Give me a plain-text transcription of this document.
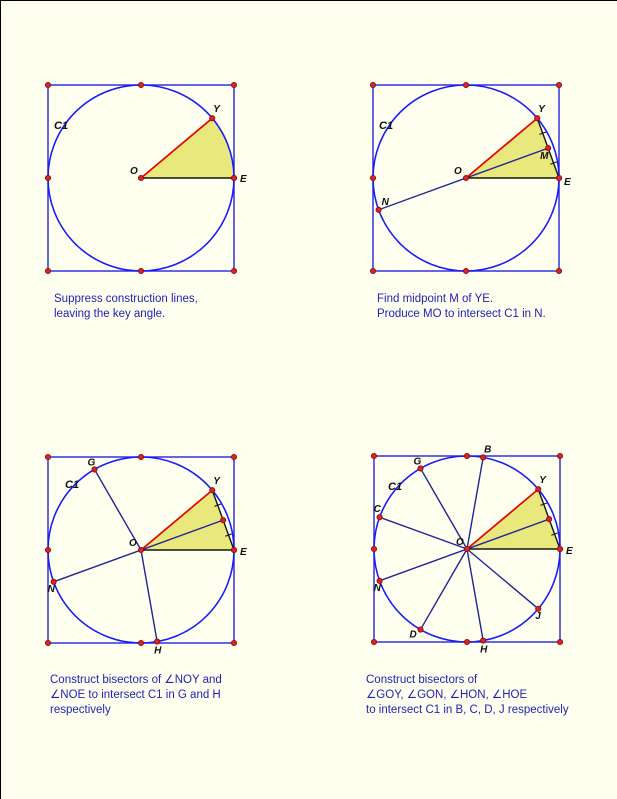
C1
O
Y
E
C1
O
Y
E
M
N
C1
O
Y
E
N
G
H
C1
O
Y
E
N
G
H
B
C
D
J
Suppress construction lines,
leaving the key angle.
Find midpoint M of YE.
Produce MO to intersect C1 in N.
Construct bisectors of ∠NOY and
∠NOE to intersect C1 in G and H
respectively
Construct bisectors of
∠GOY, ∠GON, ∠HON, ∠HOE
to intersect C1 in B, C, D, J respectively
